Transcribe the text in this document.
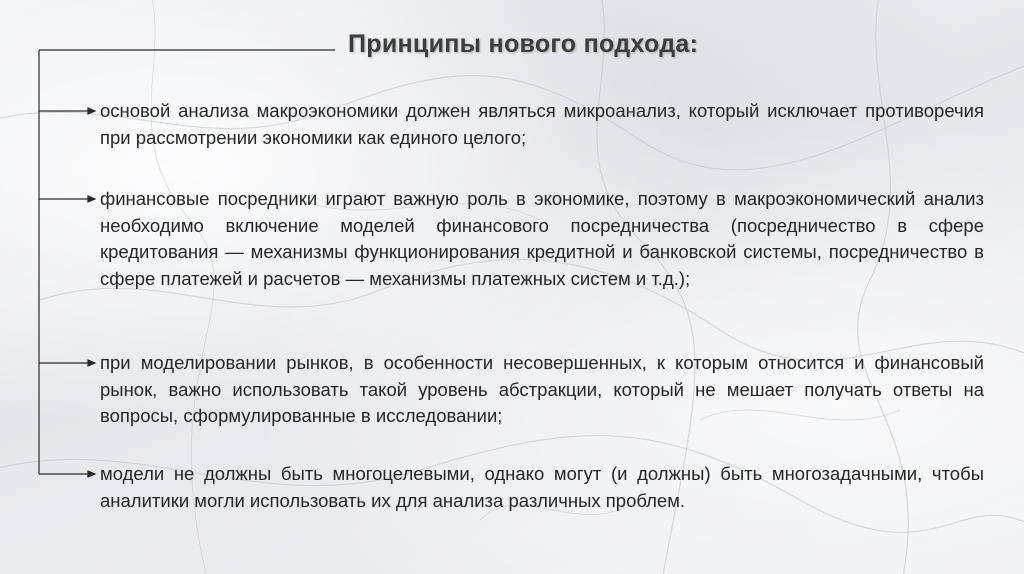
Принципы нового подхода:
основой анализа макроэкономики должен являться микроанализ, который исключает противоречия при рассмотрении экономики как единого целого;
финансовые посредники играют важную роль в экономике, поэтому в макроэкономический анализ необходимо включение моделей финансового посредничества (посредничество в сфере кредитования — механизмы функционирования кредитной и банковской системы, посредничество в сфере платежей и расчетов — механизмы платежных систем и т.д.);
при моделировании рынков, в особенности несовершенных, к которым относится и финансовый рынок, важно использовать такой уровень абстракции, который не мешает получать ответы на вопросы, сформулированные в исследовании;
модели не должны быть многоцелевыми, однако могут (и должны) быть многозадачными, чтобы аналитики могли использовать их для анализа различных проблем.
